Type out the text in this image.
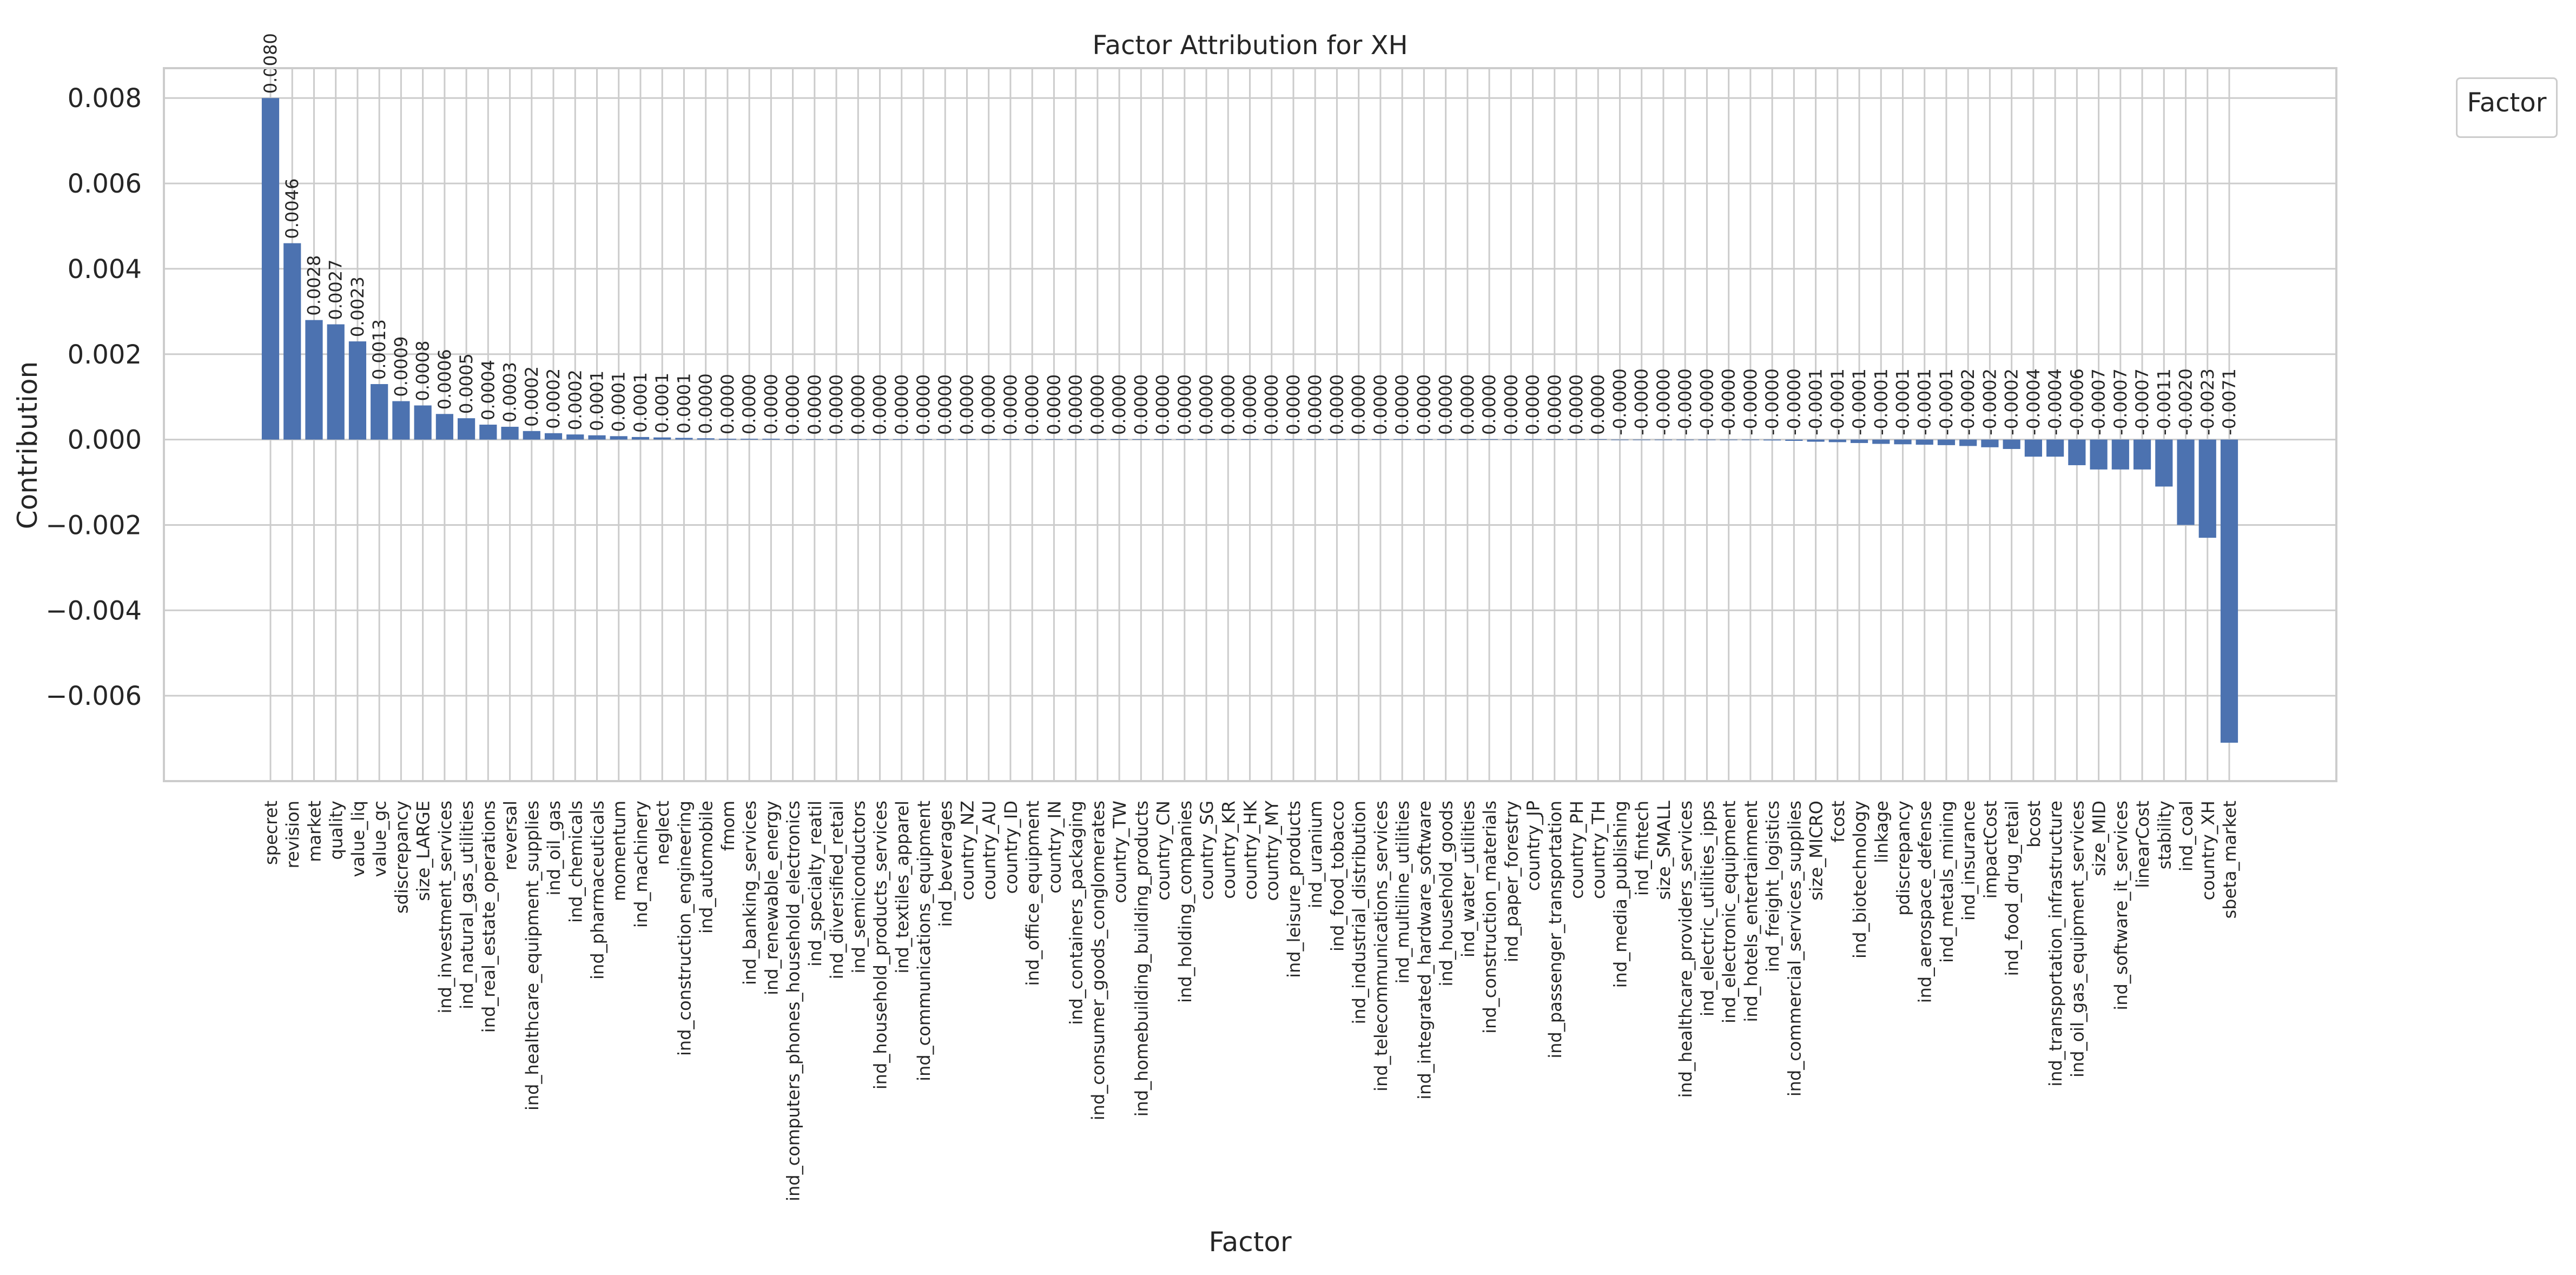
Factor Attribution for XH
Contribution
Factor
0.0080
0.0046
0.0028 0.0027 0.0023
0.0013 0.0009 0.0008 0.0006 0.0005 0.0004 0.0003 0.0002 0.0002 0.0002 0.0001 0.0001 0.0001 0.0001 0.0001 0.0000 0.0000 0.0000 0.0000 0.0000 0.0000 0.0000 0.0000 0.0000 0.0000 0.0000 0.0000 0.0000 0.0000 0.0000 0.0000 0.0000 0.0000 0.0000 0.0000 0.0000 0.0000 0.0000 0.0000 0.0000 0.0000 0.0000 0.0000 0.0000 0.0000 0.0000 0.0000 0.0000 0.0000 0.0000 0.0000 0.0000 0.0000 0.0000 0.0000 0.0000 0.0000 -0.0000 -0.0000 -0.0000 -0.0000 -0.0000 -0.0000 -0.0000 -0.0000 -0.0000 -0.0001 -0.0001 -0.0001 -0.0001 -0.0001 -0.0001 -0.0001 -0.0002 -0.0002 -0.0002 -0.0004 -0.0004 -0.0006 -0.0007 -0.0007 -0.0007 -0.0011 -0.0020 -0.0023 -0.0071
0.008
0.006
0.004
0.002
0.000
−0.002
−0.004
−0.006
specret revision market quality value_liq value_gc sdiscrepancy size_LARGE ind_investment_services ind_natural_gas_utilities ind_real_estate_operations reversal ind_healthcare_equipment_supplies ind_oil_gas ind_chemicals ind_pharmaceuticals momentum ind_machinery neglect ind_construction_engineering ind_automobile fmom ind_banking_services ind_renewable_energy ind_computers_phones_household_electronics ind_specialty_reatil ind_diversified_retail ind_semiconductors ind_household_products_services ind_textiles_apparel ind_communications_equipment ind_beverages country_NZ country_AU country_ID ind_office_equipment country_IN ind_containers_packaging ind_consumer_goods_conglomerates country_TW ind_homebuilding_building_products country_CN ind_holding_companies country_SG country_KR country_HK country_MY ind_leisure_products ind_uranium ind_food_tobacco ind_industrial_distribution ind_telecommunications_services ind_multiline_utilities ind_integrated_hardware_software ind_household_goods ind_water_utilities ind_construction_materials ind_paper_forestry country_JP ind_passenger_transportation country_PH country_TH ind_media_publishing ind_fintech size_SMALL ind_healthcare_providers_services ind_electric_utilities_ipps ind_electronic_equipment ind_hotels_entertainment ind_freight_logistics ind_commercial_services_supplies size_MICRO fcost ind_biotechnology linkage pdiscrepancy ind_aerospace_defense ind_metals_mining ind_insurance impactCost ind_food_drug_retail bcost ind_transportation_infrastructure ind_oil_gas_equipment_services size_MID ind_software_it_services linearCost stability ind_coal country_XH sbeta_market
Factor
